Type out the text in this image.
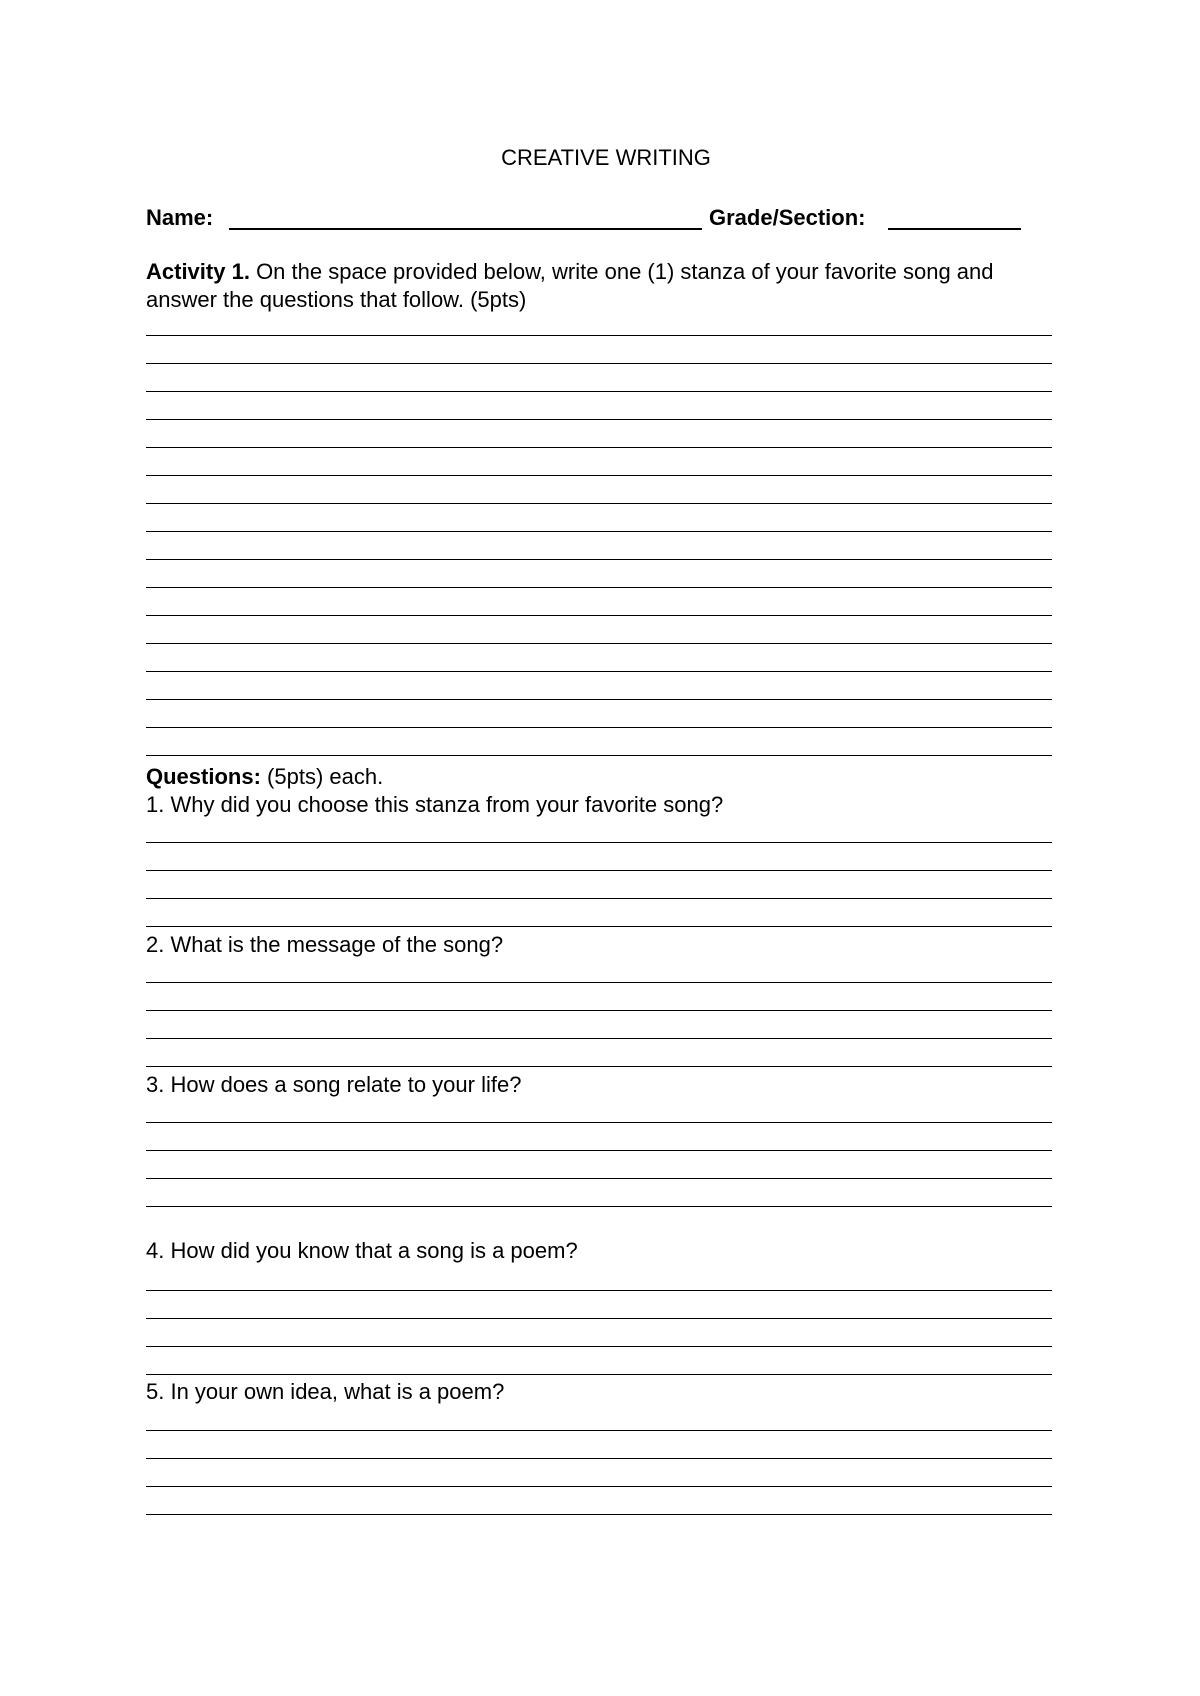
CREATIVE WRITING
Name:	Grade/Section:
Activity 1. On the space provided below, write one (1) stanza of your favorite song and answer the questions that follow. (5pts)
Questions: (5pts) each.
1. Why did you choose this stanza from your favorite song?
2. What is the message of the song?
3. How does a song relate to your life?
4. How did you know that a song is a poem?
5. In your own idea, what is a poem?
